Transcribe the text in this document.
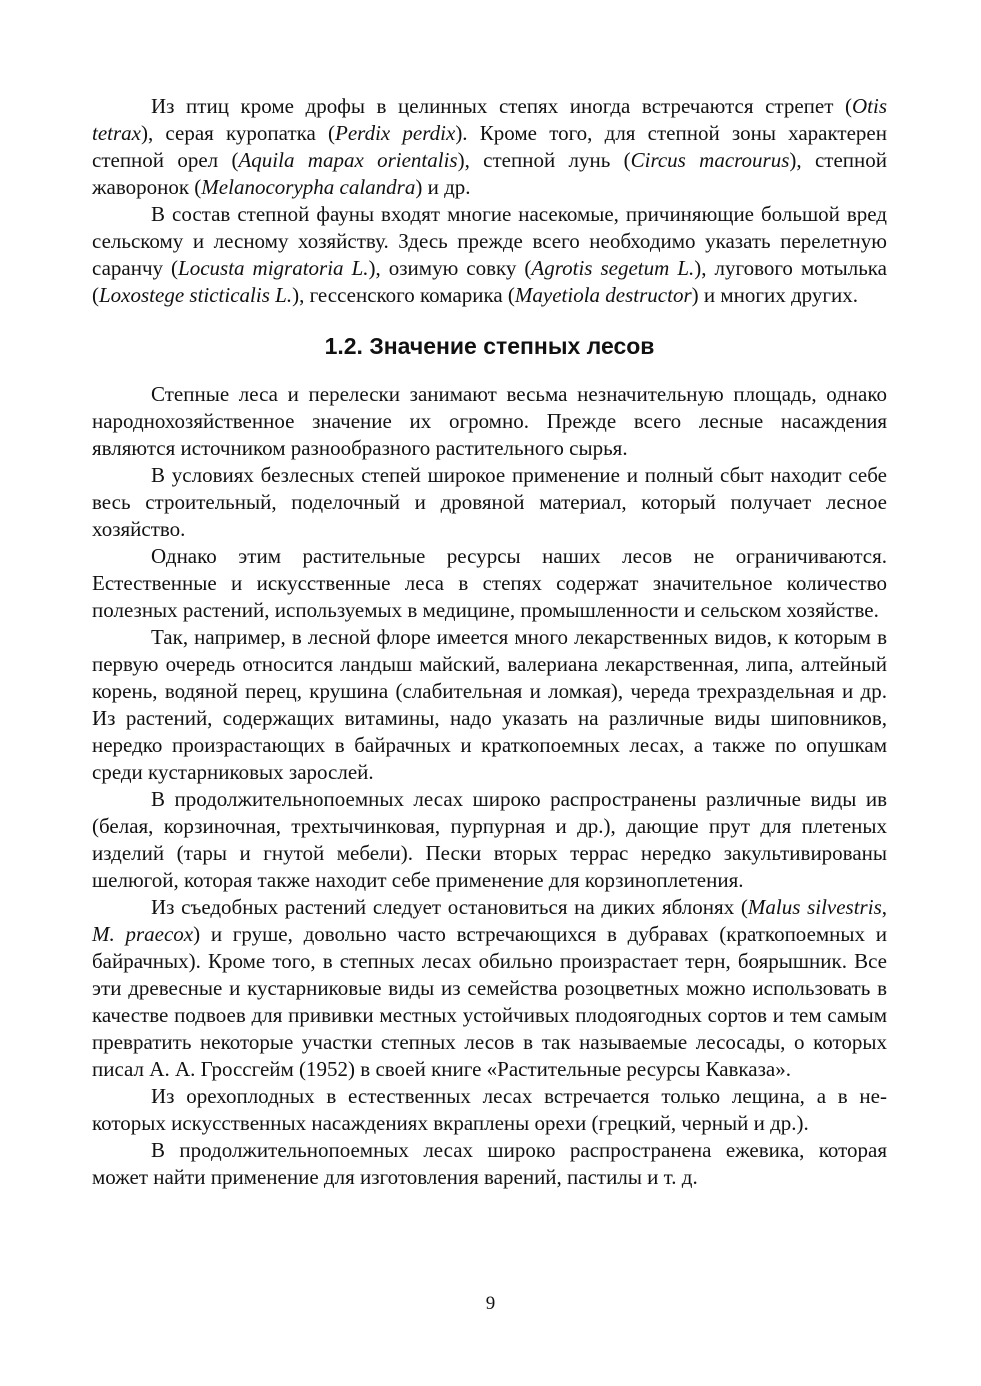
Из птиц кроме дрофы в целинных степях иногда встречаются стрепет (Otis tetrax), серая куропатка (Perdix perdix). Кроме того, для степной зоны характерен степной орел (Aquila mapax orientalis), степной лунь (Circus macrourus), степной жаворонок (Melanocorypha calandra) и др.

В состав степной фауны входят многие насекомые, причиняющие большой вред сельскому и лесному хозяйству. Здесь прежде всего необходимо указать перелетную саранчу (Locusta migratoria L.), озимую совку (Agrotis segetum L.), лугового мотылька (Loxostege sticticalis L.), гессенского комарика (Mayetiola destructor) и многих других.

1.2. Значение степных лесов

Степные леса и перелески занимают весьма незначительную площадь, однако народнохозяйственное значение их огромно. Прежде всего лесные насаждения являются источником разнообразного растительного сырья.

В условиях безлесных степей широкое применение и полный сбыт находит себе весь строительный, поделочный и дровяной материал, который получает лесное хозяйство.

Однако этим растительные ресурсы наших лесов не ограничиваются. Естественные и искусственные леса в степях содержат значительное количество полезных растений, используемых в медицине, промышленности и сельском хозяйстве.

Так, например, в лесной флоре имеется много лекарственных видов, к которым в первую очередь относится ландыш майский, валериана лекарственная, липа, алтейный корень, водяной перец, крушина (слабительная и ломкая), череда трехраздельная и др. Из растений, содержащих витамины, надо указать на различные виды шиповников, нередко произрастающих в байрачных и краткопоемных лесах, а также по опушкам среди кустарниковых зарослей.

В продолжительнопоемных лесах широко распространены различные виды ив (белая, корзиночная, трехтычинковая, пурпурная и др.), дающие прут для плетеных изделий (тары и гнутой мебели). Пески вторых террас нередко закультивированы шелюгой, которая также находит себе применение для корзиноплетения.

Из съедобных растений следует остановиться на диких яблонях (Malus silvestris, M. praecox) и груше, довольно часто встречающихся в дубравах (краткопоемных и байрачных). Кроме того, в степных лесах обильно произрастает терн, боярышник. Все эти древесные и кустарниковые виды из семейства розоцветных можно использовать в качестве подвоев для прививки местных устойчивых плодоягодных сортов и тем самым превратить некоторые участки степных лесов в так называемые лесосады, о которых писал А. А. Гроссгейм (1952) в своей книге «Растительные ресурсы Кавказа».

Из орехоплодных в естественных лесах встречается только лещина, а в некоторых искусственных насаждениях вкраплены орехи (грецкий, черный и др.).

В продолжительнопоемных лесах широко распространена ежевика, которая может найти применение для изготовления варений, пастилы и т. д.

9
